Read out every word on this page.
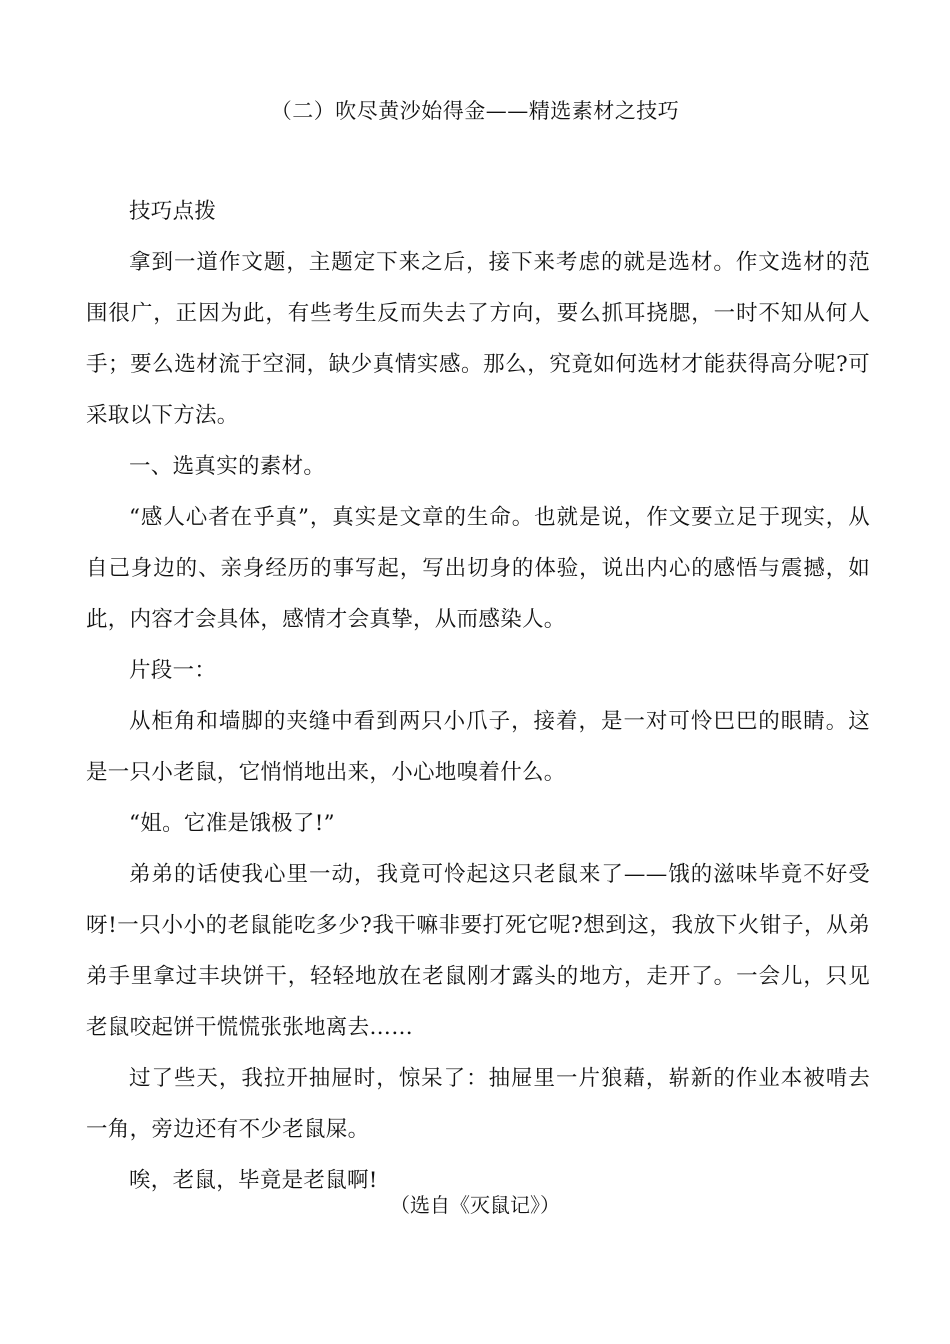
（二）吹尽黄沙始得金——精选素材之技巧

技巧点拨

拿到一道作文题，主题定下来之后，接下来考虑的就是选材。作文选材的范围很广，正因为此，有些考生反而失去了方向，要么抓耳挠腮，一时不知从何人手；要么选材流于空洞，缺少真情实感。那么，究竟如何选材才能获得高分呢?可采取以下方法。

一、选真实的素材。

“感人心者在乎真”，真实是文章的生命。也就是说，作文要立足于现实，从自己身边的、亲身经历的事写起，写出切身的体验，说出内心的感悟与震撼，如此，内容才会具体，感情才会真挚，从而感染人。

片段一：

从柜角和墙脚的夹缝中看到两只小爪子，接着，是一对可怜巴巴的眼睛。这是一只小老鼠，它悄悄地出来，小心地嗅着什么。

“姐。它准是饿极了!”

弟弟的话使我心里一动，我竟可怜起这只老鼠来了——饿的滋味毕竟不好受呀!一只小小的老鼠能吃多少?我干嘛非要打死它呢?想到这，我放下火钳子，从弟弟手里拿过丰块饼干，轻轻地放在老鼠刚才露头的地方，走开了。一会儿，只见老鼠咬起饼干慌慌张张地离去……

过了些天，我拉开抽屉时，惊呆了：抽屉里一片狼藉，崭新的作业本被啃去一角，旁边还有不少老鼠屎。

唉，老鼠，毕竟是老鼠啊!

（选自《灭鼠记》）
